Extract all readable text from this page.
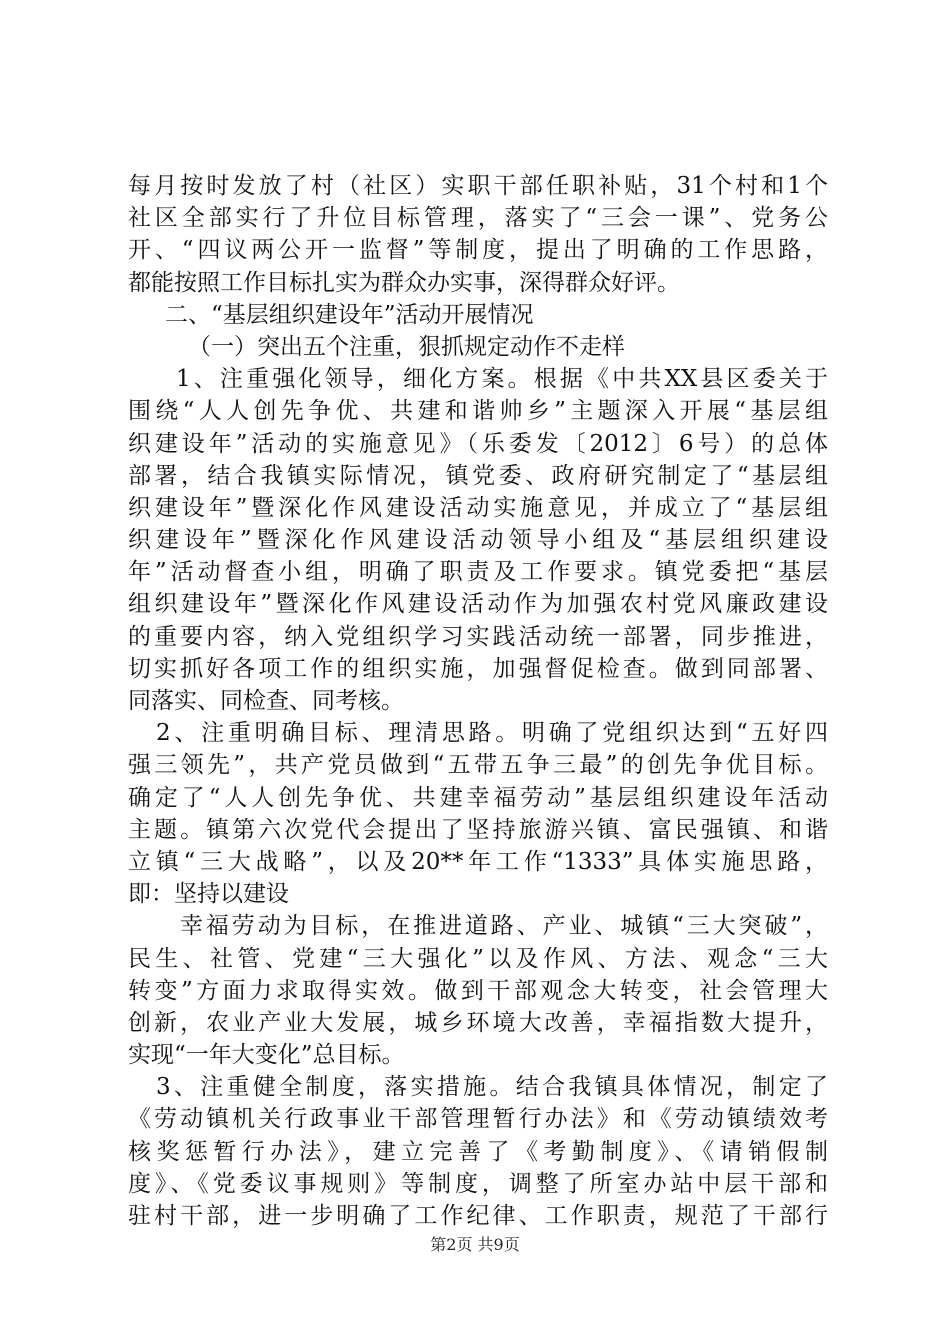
每月按时发放了村（社区）实职干部任职补贴，31个村和1个
社区全部实行了升位目标管理，落实了“三会一课”、党务公
开、“四议两公开一监督”等制度，提出了明确的工作思路，
都能按照工作目标扎实为群众办实事，深得群众好评。
二、“基层组织建设年”活动开展情况
（一）突出五个注重，狠抓规定动作不走样
1、注重强化领导，细化方案。根据《中共XX县区委关于
围绕“人人创先争优、共建和谐帅乡”主题深入开展“基层组
织建设年”活动的实施意见》（乐委发〔2012〕6号）的总体
部署，结合我镇实际情况，镇党委、政府研究制定了“基层组
织建设年”暨深化作风建设活动实施意见，并成立了“基层组
织建设年”暨深化作风建设活动领导小组及“基层组织建设
年”活动督查小组，明确了职责及工作要求。镇党委把“基层
组织建设年”暨深化作风建设活动作为加强农村党风廉政建设
的重要内容，纳入党组织学习实践活动统一部署，同步推进，
切实抓好各项工作的组织实施，加强督促检查。做到同部署、
同落实、同检查、同考核。
2、注重明确目标、理清思路。明确了党组织达到“五好四
强三领先”，共产党员做到“五带五争三最”的创先争优目标。
确定了“人人创先争优、共建幸福劳动”基层组织建设年活动
主题。镇第六次党代会提出了坚持旅游兴镇、富民强镇、和谐
立镇“三大战略”，以及20**年工作“1333”具体实施思路，
即：坚持以建设
幸福劳动为目标，在推进道路、产业、城镇“三大突破”，
民生、社管、党建“三大强化”以及作风、方法、观念“三大
转变”方面力求取得实效。做到干部观念大转变，社会管理大
创新，农业产业大发展，城乡环境大改善，幸福指数大提升，
实现“一年大变化”总目标。
3、注重健全制度，落实措施。结合我镇具体情况，制定了
《劳动镇机关行政事业干部管理暂行办法》和《劳动镇绩效考
核奖惩暂行办法》，建立完善了《考勤制度》、《请销假制
度》、《党委议事规则》等制度，调整了所室办站中层干部和
驻村干部，进一步明确了工作纪律、工作职责，规范了干部行
第2页 共9页
